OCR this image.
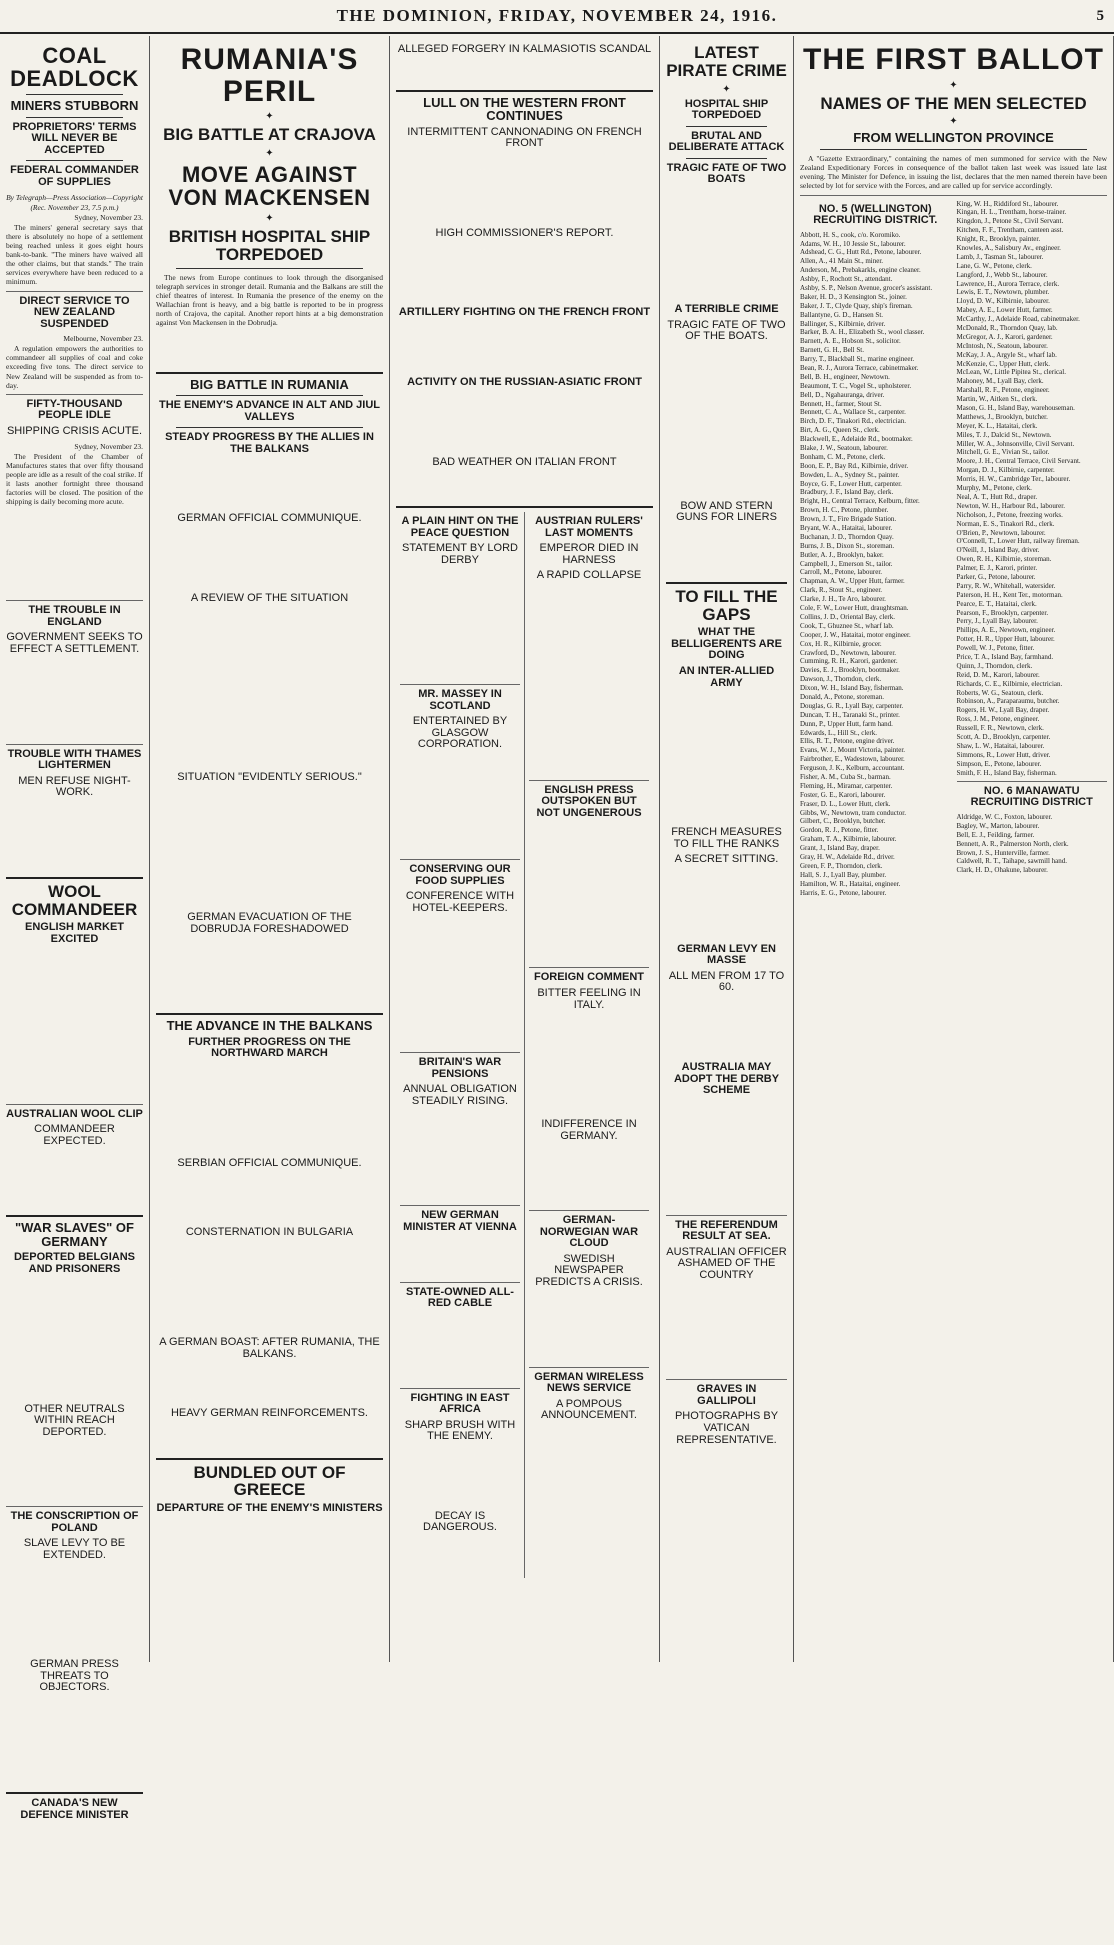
THE DOMINION, FRIDAY, NOVEMBER 24, 1916.	5
COAL DEADLOCK
MINERS STUBBORN
PROPRIETORS' TERMS WILL NEVER BE ACCEPTED
FEDERAL COMMANDER OF SUPPLIES
By Telegraph—Press Association—Copyright
(Rec. November 23, 7.5 p.m.)
Sydney, November 23.

The miners' general secretary says that there is absolutely no hope of a settlement being reached unless it goes eight hours bank-to-bank. "The miners have waived all the other claims, but that stands." The train services everywhere have been reduced to a minimum.

DIRECT SERVICE TO NEW ZEALAND SUSPENDED
Melbourne, November 23.

A regulation empowers the authorities to commandeer all supplies of coal and coke exceeding five tons. The direct service to New Zealand will be suspended as from to-day.

FIFTY-THOUSAND PEOPLE IDLE
SHIPPING CRISIS ACUTE.
Sydney, November 23.

The President of the Chamber of Manufactures states that over fifty thousand people are idle as a result of the coal strike. If it lasts another fortnight three thousand factories will be closed. The position of the shipping is daily becoming more acute.

THE TROUBLE IN ENGLAND
GOVERNMENT SEEKS TO EFFECT A SETTLEMENT.
TROUBLE WITH THAMES LIGHTERMEN
MEN REFUSE NIGHT-WORK.
WOOL COMMANDEER
ENGLISH MARKET EXCITED
AUSTRALIAN WOOL CLIP
COMMANDEER EXPECTED.
"WAR SLAVES" OF GERMANY
DEPORTED BELGIANS AND PRISONERS
OTHER NEUTRALS WITHIN REACH DEPORTED.
THE CONSCRIPTION OF POLAND
SLAVE LEVY TO BE EXTENDED.
GERMAN PRESS THREATS TO OBJECTORS.
CANADA'S NEW DEFENCE MINISTER
RUMANIA'S PERIL
✦
BIG BATTLE AT CRAJOVA
✦
MOVE AGAINST VON MACKENSEN
✦
BRITISH HOSPITAL SHIP TORPEDOED

The news from Europe continues to look through the disorganised telegraph services in stronger detail. Rumania and the Balkans are still the chief theatres of interest. In Rumania the presence of the enemy on the Wallachian front is heavy, and a big battle is reported to be in progress north of Crajova, the capital. Another report hints at a big demonstration against Von Mackensen in the Dobrudja.

BIG BATTLE IN RUMANIA
THE ENEMY'S ADVANCE IN ALT AND JIUL VALLEYS
STEADY PROGRESS BY THE ALLIES IN THE BALKANS
GERMAN OFFICIAL COMMUNIQUE.
A REVIEW OF THE SITUATION
SITUATION "EVIDENTLY SERIOUS."
GERMAN EVACUATION OF THE DOBRUDJA FORESHADOWED
THE ADVANCE IN THE BALKANS
FURTHER PROGRESS ON THE NORTHWARD MARCH
SERBIAN OFFICIAL COMMUNIQUE.
CONSTERNATION IN BULGARIA
A GERMAN BOAST: AFTER RUMANIA, THE BALKANS.
HEAVY GERMAN REINFORCEMENTS.
BUNDLED OUT OF GREECE
DEPARTURE OF THE ENEMY'S MINISTERS
ALLEGED FORGERY IN KALMASIOTIS SCANDAL
LULL ON THE WESTERN FRONT CONTINUES
INTERMITTENT CANNONADING ON FRENCH FRONT
HIGH COMMISSIONER'S REPORT.
ARTILLERY FIGHTING ON THE FRENCH FRONT
ACTIVITY ON THE RUSSIAN-ASIATIC FRONT
BAD WEATHER ON ITALIAN FRONT
A PLAIN HINT ON THE PEACE QUESTION
STATEMENT BY LORD DERBY
MR. MASSEY IN SCOTLAND
ENTERTAINED BY GLASGOW CORPORATION.
CONSERVING OUR FOOD SUPPLIES
CONFERENCE WITH HOTEL-KEEPERS.
BRITAIN'S WAR PENSIONS
ANNUAL OBLIGATION STEADILY RISING.
NEW GERMAN MINISTER AT VIENNA
STATE-OWNED ALL-RED CABLE
FIGHTING IN EAST AFRICA
SHARP BRUSH WITH THE ENEMY.
DECAY IS DANGEROUS.
AUSTRIAN RULERS' LAST MOMENTS
EMPEROR DIED IN HARNESS
A RAPID COLLAPSE
ENGLISH PRESS OUTSPOKEN BUT NOT UNGENEROUS
FOREIGN COMMENT
BITTER FEELING IN ITALY.
INDIFFERENCE IN GERMANY.
GERMAN-NORWEGIAN WAR CLOUD
SWEDISH NEWSPAPER PREDICTS A CRISIS.
GERMAN WIRELESS NEWS SERVICE
A POMPOUS ANNOUNCEMENT.
LATEST PIRATE CRIME
✦
HOSPITAL SHIP TORPEDOED
BRUTAL AND DELIBERATE ATTACK
TRAGIC FATE OF TWO BOATS
A TERRIBLE CRIME
TRAGIC FATE OF TWO OF THE BOATS.
BOW AND STERN GUNS FOR LINERS
TO FILL THE GAPS
WHAT THE BELLIGERENTS ARE DOING
AN INTER-ALLIED ARMY
FRENCH MEASURES TO FILL THE RANKS
A SECRET SITTING.
GERMAN LEVY EN MASSE
ALL MEN FROM 17 TO 60.
AUSTRALIA MAY ADOPT THE DERBY SCHEME
THE REFERENDUM RESULT AT SEA.
AUSTRALIAN OFFICER ASHAMED OF THE COUNTRY
GRAVES IN GALLIPOLI
PHOTOGRAPHS BY VATICAN REPRESENTATIVE.
THE FIRST BALLOT
✦
NAMES OF THE MEN SELECTED
✦
FROM WELLINGTON PROVINCE

A "Gazette Extraordinary," containing the names of men summoned for service with the New Zealand Expeditionary Forces in consequence of the ballot taken last week was issued late last evening. The Minister for Defence, in issuing the list, declares that the men named therein have been selected by lot for service with the Forces, and are called up for service accordingly.

NO. 5 (WELLINGTON) RECRUITING DISTRICT.
Abbott, H. S., cook, c/o. Koromiko.
Adams, W. H., 10 Jessie St., labourer.
Adshead, C. G., Hutt Rd., Petone, labourer.
Allen, A., 41 Main St., miner.
Anderson, M., Prebakarkls, engine cleaner.
Ashby, F., Rochott St., attendant.
Ashby, S. P., Nelson Avenue, grocer's assistant.
Baker, H. D., 3 Kensington St., joiner.
Baker, J. T., Clyde Quay, ship's fireman.
Ballantyne, G. D., Hansen St.
Ballinger, S., Kilbirnie, driver.
Barker, B. A. H., Elizabeth St., wool classer.
Barnett, A. E., Hobson St., solicitor.
Barnett, G. H., Bell St.
Barry, T., Blackball St., marine engineer.
Bean, R. J., Aurora Terrace, cabinetmaker.
Bell, B. H., engineer, Newtown.
Beaumont, T. C., Vogel St., upholsterer.
Bell, D., Ngahauranga, driver.
Bennett, H., farmer, Stout St.
Bennett, C. A., Wallace St., carpenter.
Birch, D. F., Tinakori Rd., electrician.
Birt, A. G., Queen St., clerk.
Blackwell, E., Adelaide Rd., bootmaker.
Blake, J. W., Seatoun, labourer.
Bonham, C. M., Petone, clerk.
Boon, E. P., Bay Rd., Kilbirnie, driver.
Bowden, L. A., Sydney St., painter.
Boyce, G. F., Lower Hutt, carpenter.
Bradbury, J. F., Island Bay, clerk.
Bright, H., Central Terrace, Kelburn, fitter.
Brown, H. C., Petone, plumber.
Brown, J. T., Fire Brigade Station.
Bryant, W. A., Hataitai, labourer.
Buchanan, J. D., Thorndon Quay.
Burns, J. B., Dixon St., storeman.
Butler, A. J., Brooklyn, baker.
Campbell, J., Emerson St., tailor.
Carroll, M., Petone, labourer.
Chapman, A. W., Upper Hutt, farmer.
Clark, R., Stout St., engineer.
Clarke, J. H., Te Aro, labourer.
Cole, F. W., Lower Hutt, draughtsman.
Collins, J. D., Oriental Bay, clerk.
Cook, T., Ghuznee St., wharf lab.
Cooper, J. W., Hataitai, motor engineer.
Cox, H. R., Kilbirnie, grocer.
Crawford, D., Newtown, labourer.
Cumming, R. H., Karori, gardener.
Davies, E. J., Brooklyn, bootmaker.
Dawson, J., Thorndon, clerk.
Dixon, W. H., Island Bay, fisherman.
Donald, A., Petone, storeman.
Douglas, G. R., Lyall Bay, carpenter.
Duncan, T. H., Taranaki St., printer.
Dunn, P., Upper Hutt, farm hand.
Edwards, L., Hill St., clerk.
Ellis, R. T., Petone, engine driver.
Evans, W. J., Mount Victoria, painter.
Fairbrother, E., Wadestown, labourer.
Ferguson, J. K., Kelburn, accountant.
Fisher, A. M., Cuba St., barman.
Fleming, H., Miramar, carpenter.
Foster, G. E., Karori, labourer.
Fraser, D. L., Lower Hutt, clerk.
Gibbs, W., Newtown, tram conductor.
Gilbert, C., Brooklyn, butcher.
Gordon, R. J., Petone, fitter.
Graham, T. A., Kilbirnie, labourer.
Grant, J., Island Bay, draper.
Gray, H. W., Adelaide Rd., driver.
Green, F. P., Thorndon, clerk.
Hall, S. J., Lyall Bay, plumber.
Hamilton, W. R., Hataitai, engineer.
Harris, E. G., Petone, labourer.
King, W. H., Riddiford St., labourer.
Kingan, H. L., Trentham, horse-trainer.
Kingdon, J., Petone St., Civil Servant.
Kitchen, F. F., Trentham, canteen asst.
Knight, R., Brooklyn, painter.
Knowles, A., Salisbury Av., engineer.
Lamb, J., Tasman St., labourer.
Lane, G. W., Petone, clerk.
Langford, J., Webb St., labourer.
Lawrence, H., Aurora Terrace, clerk.
Lewis, E. T., Newtown, plumber.
Lloyd, D. W., Kilbirnie, labourer.
Mabey, A. E., Lower Hutt, farmer.
McCarthy, J., Adelaide Road, cabinetmaker.
McDonald, R., Thorndon Quay, lab.
McGregor, A. J., Karori, gardener.
McIntosh, N., Seatoun, labourer.
McKay, J. A., Argyle St., wharf lab.
McKenzie, C., Upper Hutt, clerk.
McLean, W., Little Pipitea St., clerical.
Mahoney, M., Lyall Bay, clerk.
Marshall, R. F., Petone, engineer.
Martin, W., Aitken St., clerk.
Mason, G. H., Island Bay, warehouseman.
Matthews, J., Brooklyn, butcher.
Meyer, K. L., Hataitai, clerk.
Miles, T. J., Dalcid St., Newtown.
Miller, W. A., Johnsonville, Civil Servant.
Mitchell, G. E., Vivian St., tailor.
Moore, J. H., Central Terrace, Civil Servant.
Morgan, D. J., Kilbirnie, carpenter.
Morris, H. W., Cambridge Ter., labourer.
Murphy, M., Petone, clerk.
Neal, A. T., Hutt Rd., draper.
Newton, W. H., Harbour Rd., labourer.
Nicholson, J., Petone, freezing works.
Norman, E. S., Tinakori Rd., clerk.
O'Brien, P., Newtown, labourer.
O'Connell, T., Lower Hutt, railway fireman.
O'Neill, J., Island Bay, driver.
Owen, R. H., Kilbirnie, storeman.
Palmer, E. J., Karori, printer.
Parker, G., Petone, labourer.
Parry, R. W., Whitehall, watersider.
Paterson, H. H., Kent Ter., motorman.
Pearce, E. T., Hataitai, clerk.
Pearson, F., Brooklyn, carpenter.
Perry, J., Lyall Bay, labourer.
Phillips, A. E., Newtown, engineer.
Potter, H. R., Upper Hutt, labourer.
Powell, W. J., Petone, fitter.
Price, T. A., Island Bay, farmhand.
Quinn, J., Thorndon, clerk.
Reid, D. M., Karori, labourer.
Richards, C. E., Kilbirnie, electrician.
Roberts, W. G., Seatoun, clerk.
Robinson, A., Paraparaumu, butcher.
Rogers, H. W., Lyall Bay, draper.
Ross, J. M., Petone, engineer.
Russell, F. R., Newtown, clerk.
Scott, A. D., Brooklyn, carpenter.
Shaw, L. W., Hataitai, labourer.
Simmons, R., Lower Hutt, driver.
Simpson, E., Petone, labourer.
Smith, F. H., Island Bay, fisherman.
NO. 6 MANAWATU RECRUITING DISTRICT
Aldridge, W. C., Foxton, labourer.
Bagley, W., Marton, labourer.
Bell, E. J., Feilding, farmer.
Bennett, A. R., Palmerston North, clerk.
Brown, J. S., Hunterville, farmer.
Caldwell, R. T., Taihape, sawmill hand.
Clark, H. D., Ohakune, labourer.
